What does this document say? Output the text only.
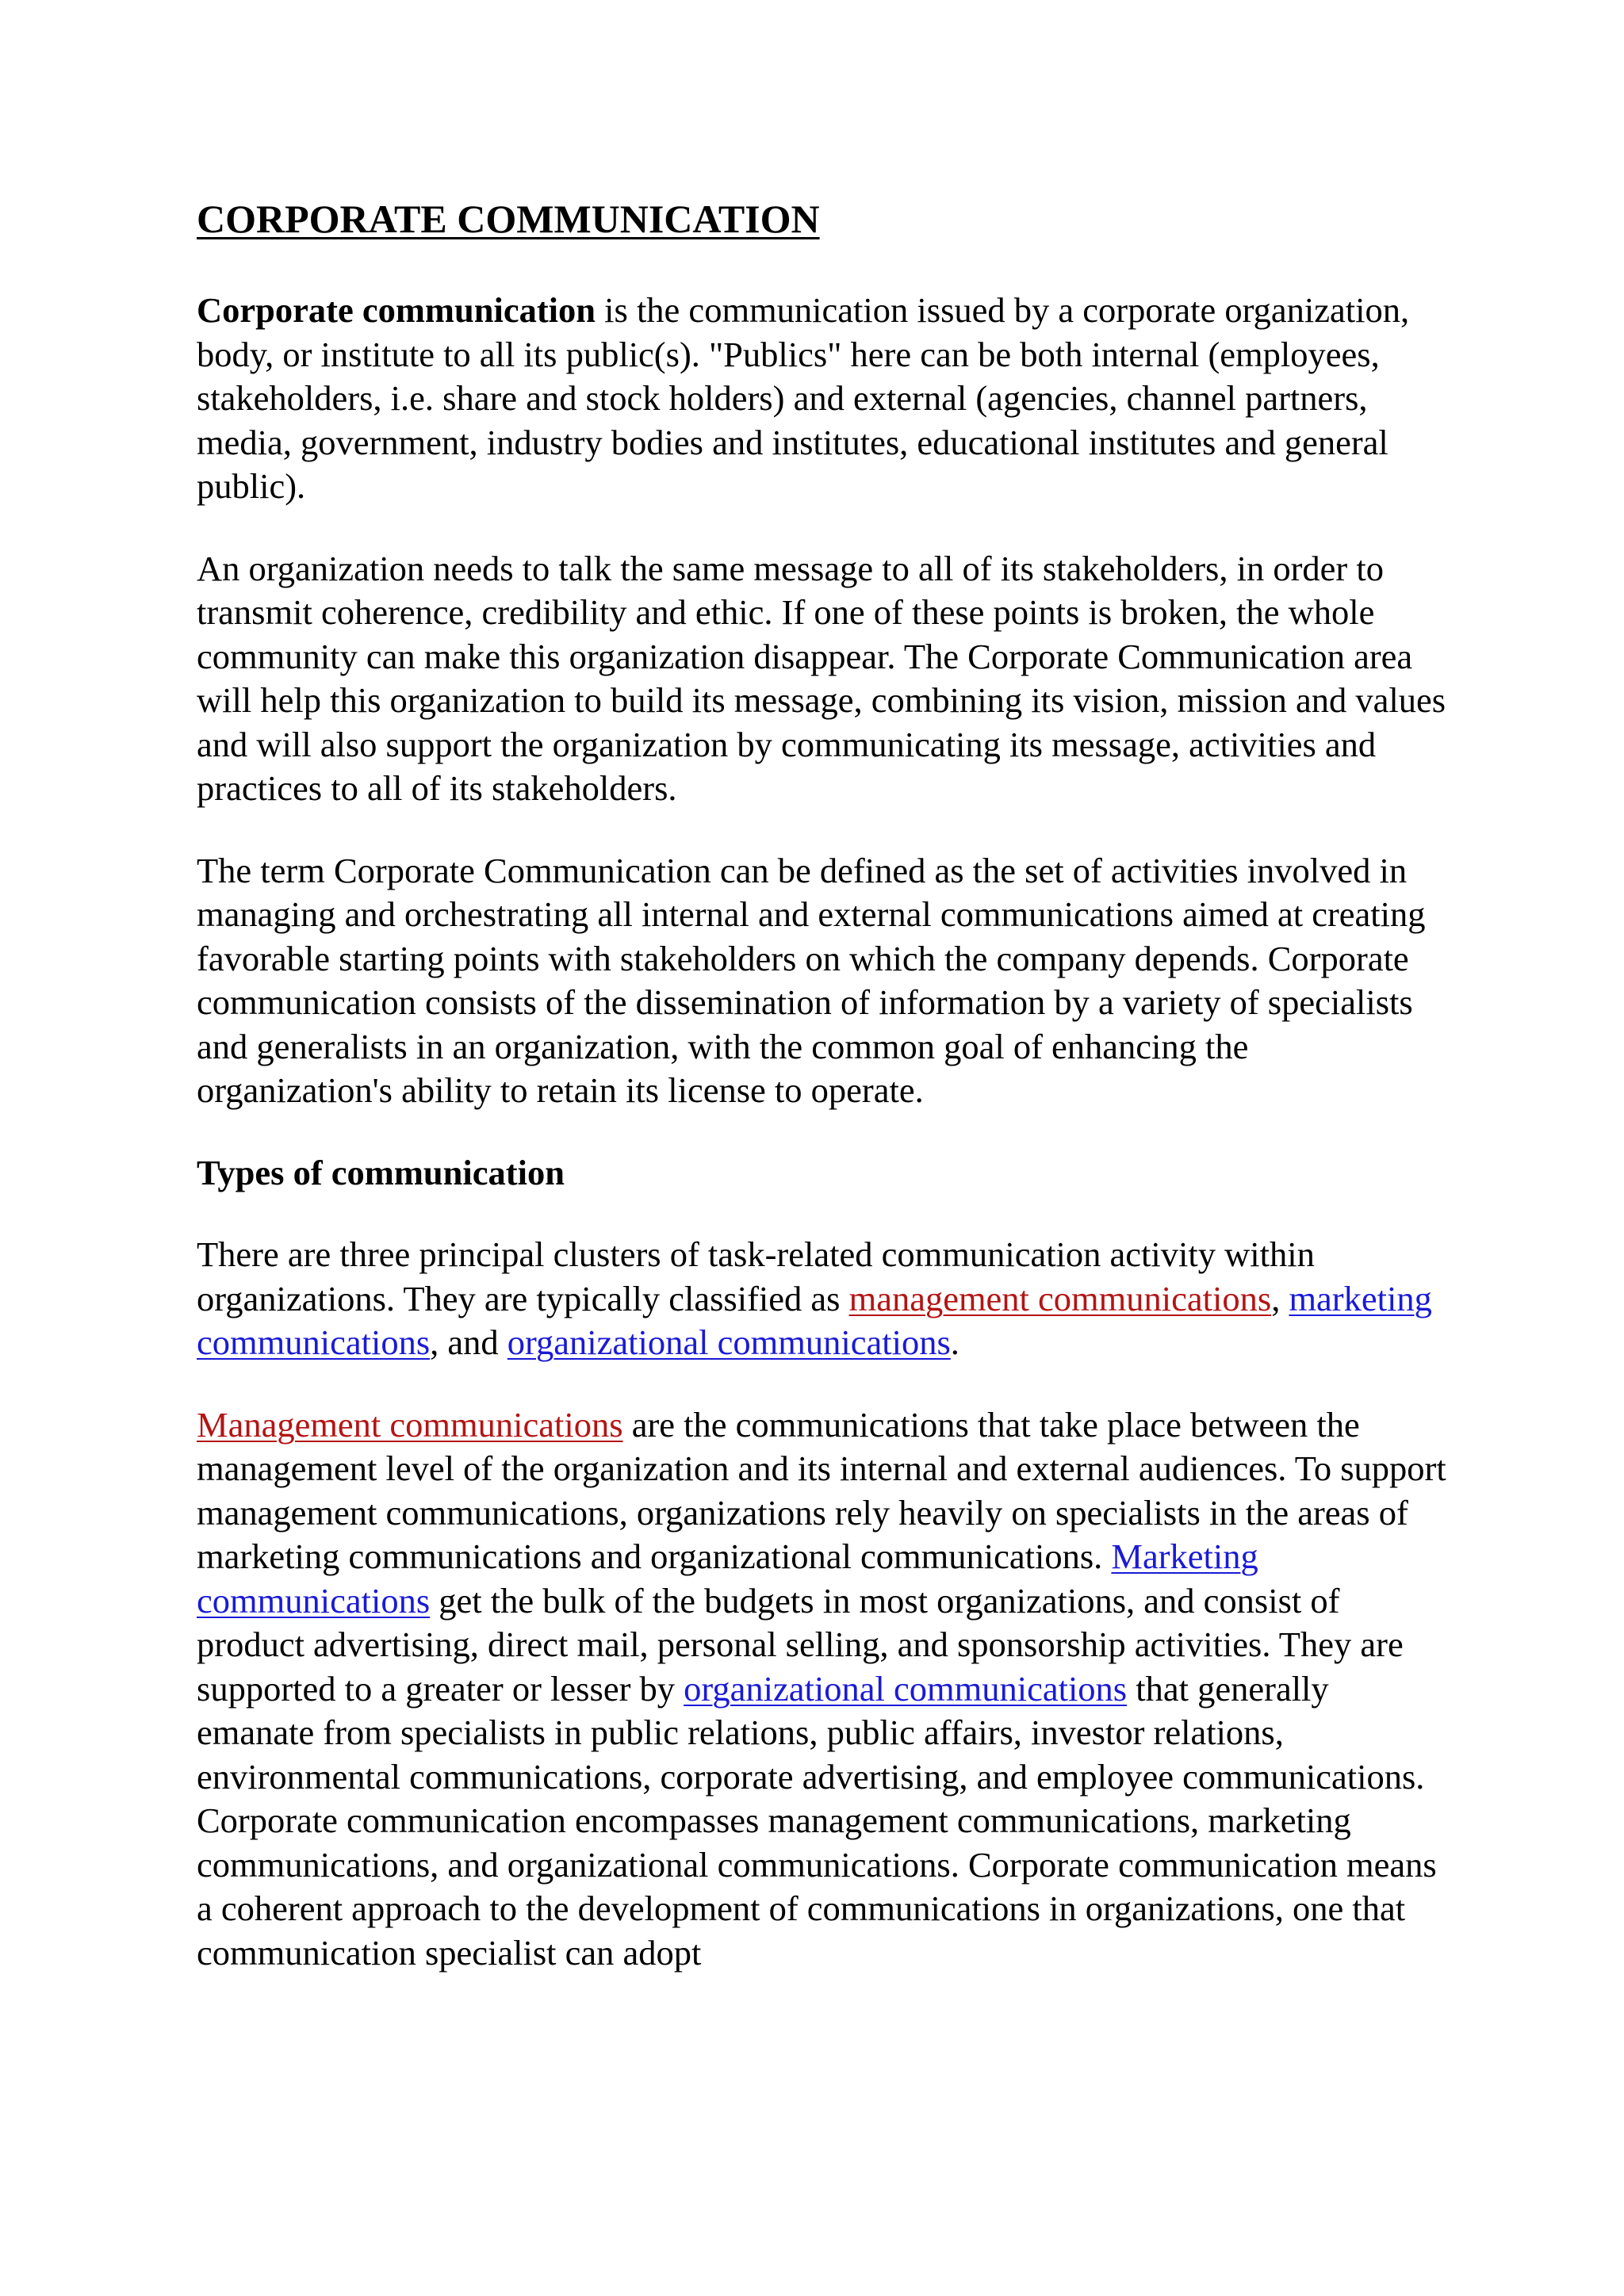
CORPORATE COMMUNICATION

Corporate communication is the communication issued by a corporate organization, body, or institute to all its public(s). "Publics" here can be both internal (employees, stakeholders, i.e. share and stock holders) and external (agencies, channel partners, media, government, industry bodies and institutes, educational institutes and general public).

An organization needs to talk the same message to all of its stakeholders, in order to transmit coherence, credibility and ethic. If one of these points is broken, the whole community can make this organization disappear. The Corporate Communication area will help this organization to build its message, combining its vision, mission and values and will also support the organization by communicating its message, activities and practices to all of its stakeholders.

The term Corporate Communication can be defined as the set of activities involved in managing and orchestrating all internal and external communications aimed at creating favorable starting points with stakeholders on which the company depends. Corporate communication consists of the dissemination of information by a variety of specialists and generalists in an organization, with the common goal of enhancing the organization's ability to retain its license to operate.

Types of communication

There are three principal clusters of task-related communication activity within organizations. They are typically classified as management communications, marketing communications, and organizational communications.

Management communications are the communications that take place between the management level of the organization and its internal and external audiences. To support management communications, organizations rely heavily on specialists in the areas of marketing communications and organizational communications. Marketing communications get the bulk of the budgets in most organizations, and consist of product advertising, direct mail, personal selling, and sponsorship activities. They are supported to a greater or lesser by organizational communications that generally emanate from specialists in public relations, public affairs, investor relations, environmental communications, corporate advertising, and employee communications. Corporate communication encompasses management communications, marketing communications, and organizational communications. Corporate communication means a coherent approach to the development of communications in organizations, one that communication specialist can adopt
